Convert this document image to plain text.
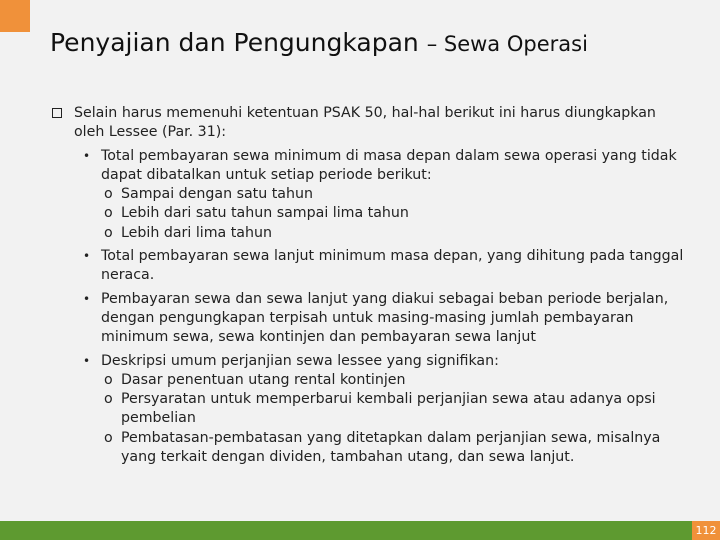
Penyajian dan Pengungkapan – Sewa Operasi
Selain harus memenuhi ketentuan PSAK 50, hal-hal berikut ini harus diungkapkan oleh Lessee (Par. 31):
• Total pembayaran sewa minimum di masa depan dalam sewa operasi yang tidak dapat dibatalkan untuk setiap periode berikut:
o Sampai dengan satu tahun
o Lebih dari satu tahun sampai lima tahun
o Lebih dari lima tahun
• Total pembayaran sewa lanjut minimum masa depan, yang dihitung pada tanggal neraca.
• Pembayaran sewa dan sewa lanjut yang diakui sebagai beban periode berjalan, dengan pengungkapan terpisah untuk masing-masing jumlah pembayaran minimum sewa, sewa kontinjen dan pembayaran sewa lanjut
• Deskripsi umum perjanjian sewa lessee yang signifikan:
o Dasar penentuan utang rental kontinjen
o Persyaratan untuk memperbarui kembali perjanjian sewa atau adanya opsi pembelian
o Pembatasan-pembatasan yang ditetapkan dalam perjanjian sewa, misalnya yang terkait dengan dividen, tambahan utang, dan sewa lanjut.
112
